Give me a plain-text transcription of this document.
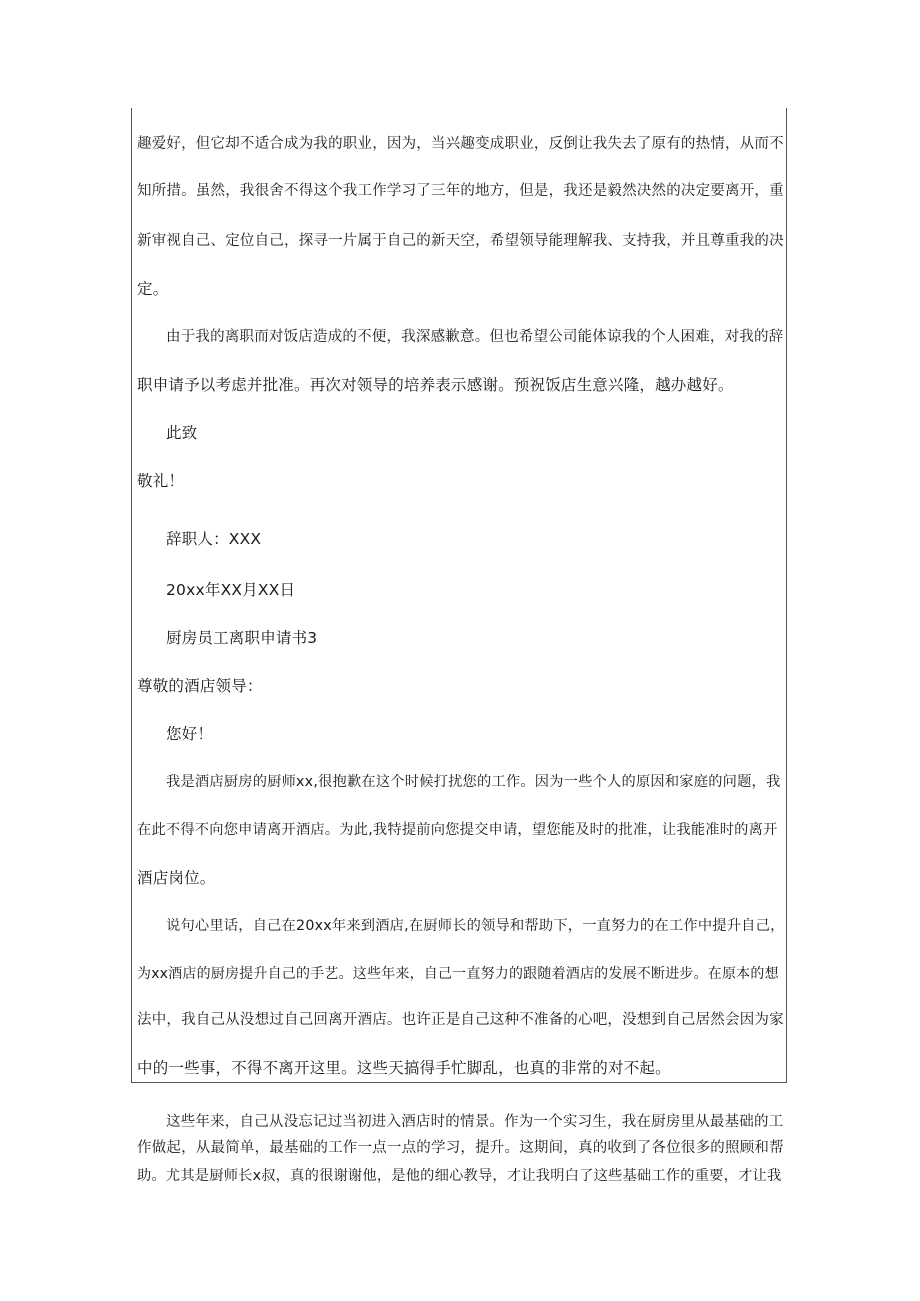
趣爱好，但它却不适合成为我的职业，因为，当兴趣变成职业，反倒让我失去了原有的热情，从而不
知所措。虽然，我很舍不得这个我工作学习了三年的地方，但是，我还是毅然决然的决定要离开，重
新审视自己、定位自己，探寻一片属于自己的新天空，希望领导能理解我、支持我，并且尊重我的决
定。
由于我的离职而对饭店造成的不便，我深感歉意。但也希望公司能体谅我的个人困难，对我的辞
职申请予以考虑并批准。再次对领导的培养表示感谢。预祝饭店生意兴隆，越办越好。
此致
敬礼！
辞职人：XXX
20xx年XX月XX日
厨房员工离职申请书3
尊敬的酒店领导：
您好！
我是酒店厨房的厨师xx,很抱歉在这个时候打扰您的工作。因为一些个人的原因和家庭的问题，我
在此不得不向您申请离开酒店。为此,我特提前向您提交申请，望您能及时的批准，让我能准时的离开
酒店岗位。
说句心里话，自己在20xx年来到酒店,在厨师长的领导和帮助下，一直努力的在工作中提升自己，
为xx酒店的厨房提升自己的手艺。这些年来，自己一直努力的跟随着酒店的发展不断进步。在原本的想
法中，我自己从没想过自己回离开酒店。也许正是自己这种不准备的心吧，没想到自己居然会因为家
中的一些事，不得不离开这里。这些天搞得手忙脚乱，也真的非常的对不起。
这些年来，自己从没忘记过当初进入酒店时的情景。作为一个实习生，我在厨房里从最基础的工
作做起，从最简单，最基础的工作一点一点的学习，提升。这期间，真的收到了各位很多的照顾和帮
助。尤其是厨师长x叔，真的很谢谢他，是他的细心教导，才让我明白了这些基础工作的重要，才让我
